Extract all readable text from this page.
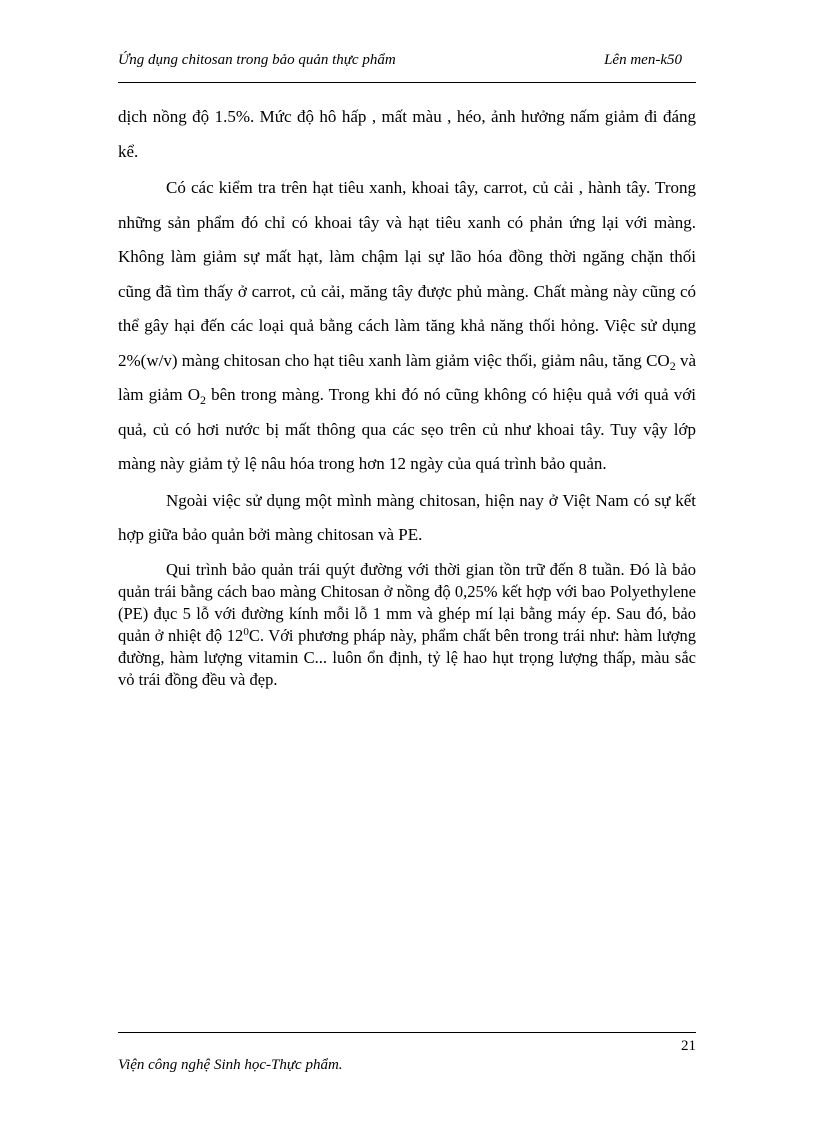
Ứng dụng chitosan trong bảo quản thực phẩm	Lên men-k50

dịch nồng độ 1.5%. Mức độ hô hấp , mất màu , héo, ảnh hưởng nấm giảm đi đáng kể.

Có các kiểm tra trên hạt tiêu xanh, khoai tây, carrot, củ cải , hành tây. Trong những sản phẩm đó chỉ có khoai tây và hạt tiêu xanh có phản ứng lại với màng. Không làm giảm sự mất hạt, làm chậm lại sự lão hóa đồng thời ngăng chặn thối cũng đã tìm thấy ở carrot, củ cải, măng tây được phủ màng. Chất màng này cũng có thể gây hại đến các loại quả bằng cách làm tăng khả năng thối hỏng. Việc sử dụng 2%(w/v) màng chitosan cho hạt tiêu xanh làm giảm việc thối, giảm nâu, tăng $CO_2$ và làm giảm $O_2$ bên trong màng. Trong khi đó nó cũng không có hiệu quả với quả với quả, củ có hơi nước bị mất thông qua các sẹo trên củ như khoai tây. Tuy vậy lớp màng này giảm tỷ lệ nâu hóa trong hơn 12 ngày của quá trình bảo quản.

Ngoài việc sử dụng một mình màng chitosan, hiện nay ở Việt Nam có sự kết hợp giữa bảo quản bởi màng chitosan và PE.

Qui trình bảo quản trái quýt đường với thời gian tồn trữ đến 8 tuần. Đó là bảo quản trái bằng cách bao màng Chitosan ở nồng độ 0,25% kết hợp với bao Polyethylene (PE) đục 5 lỗ với đường kính mỗi lỗ 1 mm và ghép mí lại bằng máy ép. Sau đó, bảo quản ở nhiệt độ $12^0C$. Với phương pháp này, phẩm chất bên trong trái như: hàm lượng đường, hàm lượng vitamin C... luôn ổn định, tỷ lệ hao hụt trọng lượng thấp, màu sắc vỏ trái đồng đều và đẹp.

21
Viện công nghệ Sinh học-Thực phẩm.
